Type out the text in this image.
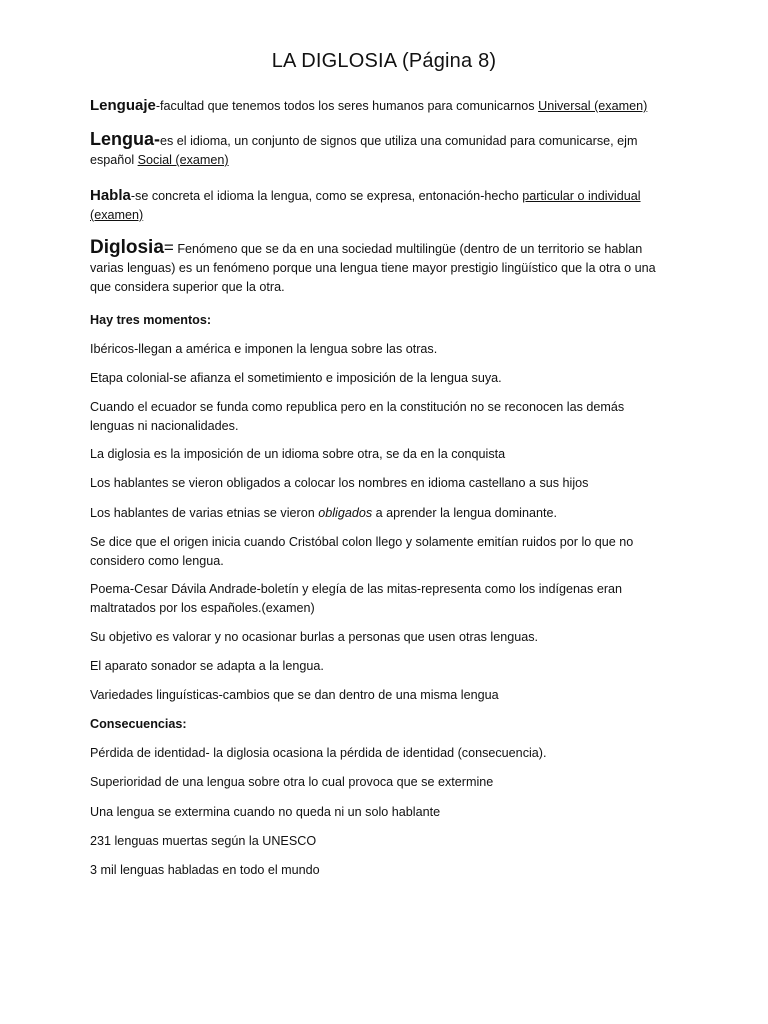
LA DIGLOSIA (Página 8)
Lenguaje-facultad que tenemos todos los seres humanos para comunicarnos Universal (examen)
Lengua-es el idioma, un conjunto de signos que utiliza una comunidad para comunicarse, ejm español Social (examen)
Habla-se concreta el idioma la lengua, como se expresa, entonación-hecho particular o individual (examen)
Diglosia= Fenómeno que se da en una sociedad multilingüe (dentro de un territorio se hablan varias lenguas) es un fenómeno porque una lengua tiene mayor prestigio lingüístico que la otra o una que considera superior que la otra.
Hay tres momentos:
Ibéricos-llegan a américa e imponen la lengua sobre las otras.
Etapa colonial-se afianza el sometimiento e imposición de la lengua suya.
Cuando el ecuador se funda como republica pero en la constitución no se reconocen las demás lenguas ni nacionalidades.
La diglosia es la imposición de un idioma sobre otra, se da en la conquista
Los hablantes se vieron obligados a colocar los nombres en idioma castellano a sus hijos
Los hablantes de varias etnias se vieron obligados a aprender la lengua dominante.
Se dice que el origen inicia cuando Cristóbal colon llego y solamente emitían ruidos por lo que no considero como lengua.
Poema-Cesar Dávila Andrade-boletín y elegía de las mitas-representa como los indígenas eran maltratados por los españoles.(examen)
Su objetivo es valorar y no ocasionar burlas a personas que usen otras lenguas.
El aparato sonador se adapta a la lengua.
Variedades linguísticas-cambios que se dan dentro de una misma lengua
Consecuencias:
Pérdida de identidad- la diglosia ocasiona la pérdida de identidad (consecuencia).
Superioridad de una lengua sobre otra lo cual provoca que se extermine
Una lengua se extermina cuando no queda ni un solo hablante
231 lenguas muertas según la UNESCO
3 mil lenguas habladas en todo el mundo
